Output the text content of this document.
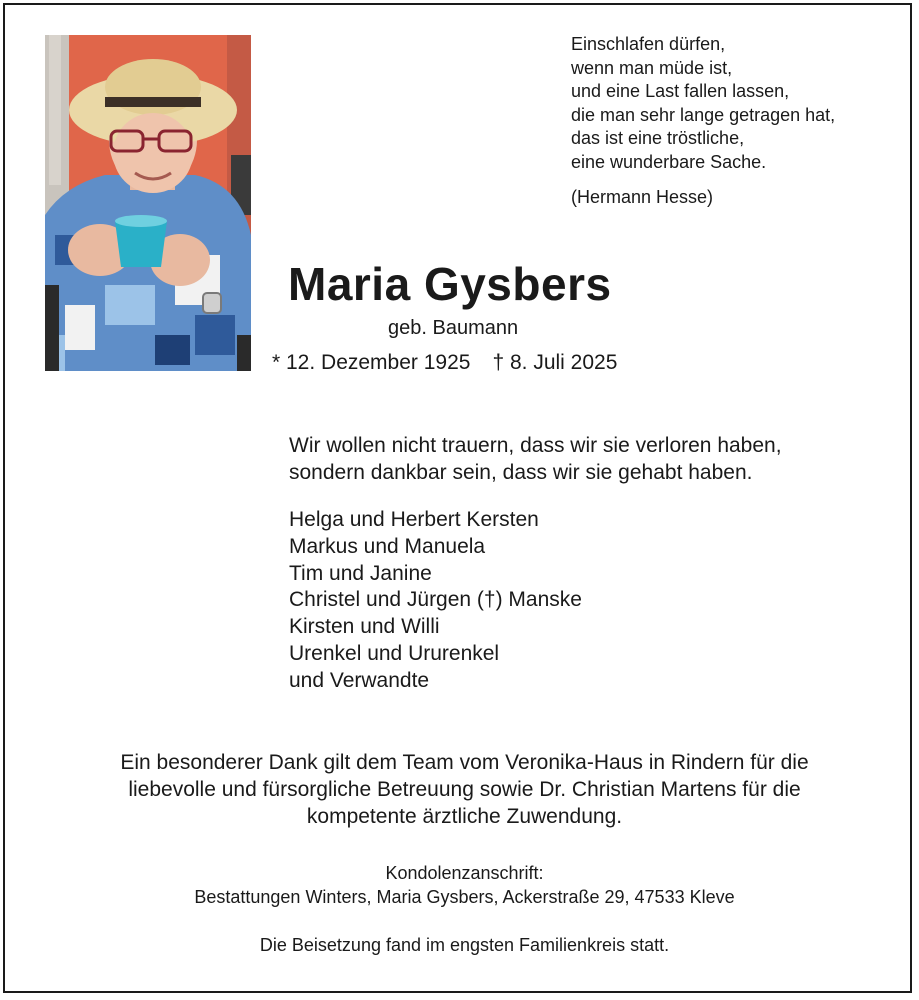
Einschlafen dürfen,
wenn man müde ist,
und eine Last fallen lassen,
die man sehr lange getragen hat,
das ist eine tröstliche,
eine wunderbare Sache.
(Hermann Hesse)
Maria Gysbers
geb. Baumann
* 12. Dezember 1925 † 8. Juli 2025
Wir wollen nicht trauern, dass wir sie verloren haben,
sondern dankbar sein, dass wir sie gehabt haben.
Helga und Herbert Kersten
Markus und Manuela
Tim und Janine
Christel und Jürgen (†) Manske
Kirsten und Willi
Urenkel und Ururenkel
und Verwandte
Ein besonderer Dank gilt dem Team vom Veronika-Haus in Rindern für die
liebevolle und fürsorgliche Betreuung sowie Dr. Christian Martens für die
kompetente ärztliche Zuwendung.
Kondolenzanschrift:
Bestattungen Winters, Maria Gysbers, Ackerstraße 29, 47533 Kleve
Die Beisetzung fand im engsten Familienkreis statt.
